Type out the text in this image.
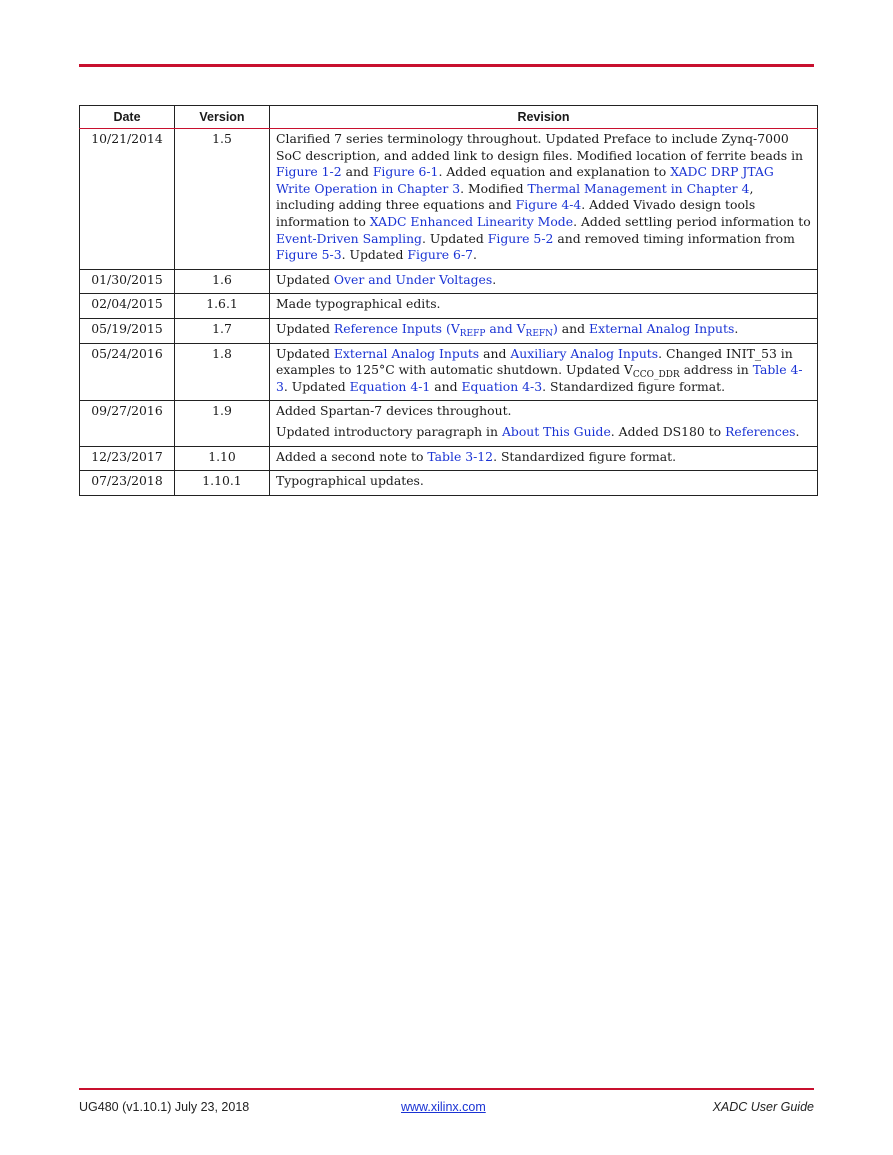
Date	Version	Revision
10/21/2014	1.5	Clarified 7 series terminology throughout. Updated Preface to include Zynq-7000 SoC description, and added link to design files. Modified location of ferrite beads in Figure 1-2 and Figure 6-1. Added equation and explanation to XADC DRP JTAG Write Operation in Chapter 3. Modified Thermal Management in Chapter 4, including adding three equations and Figure 4-4. Added Vivado design tools information to XADC Enhanced Linearity Mode. Added settling period information to Event-Driven Sampling. Updated Figure 5-2 and removed timing information from Figure 5-3. Updated Figure 6-7.
01/30/2015	1.6	Updated Over and Under Voltages.
02/04/2015	1.6.1	Made typographical edits.
05/19/2015	1.7	Updated Reference Inputs ($V_{REFP}$ and $V_{REFN}$) and External Analog Inputs.
05/24/2016	1.8	Updated External Analog Inputs and Auxiliary Analog Inputs. Changed INIT_53 in examples to 125°C with automatic shutdown. Updated $V_{CCO\_DDR}$ address in Table 4-3. Updated Equation 4-1 and Equation 4-3. Standardized figure format.
09/27/2016	1.9	Added Spartan-7 devices throughout.
Updated introductory paragraph in About This Guide. Added DS180 to References.

12/23/2017	1.10	Added a second note to Table 3-12. Standardized figure format.
07/23/2018	1.10.1	Typographical updates.
UG480 (v1.10.1) July 23, 2018	www.xilinx.com	XADC User Guide
